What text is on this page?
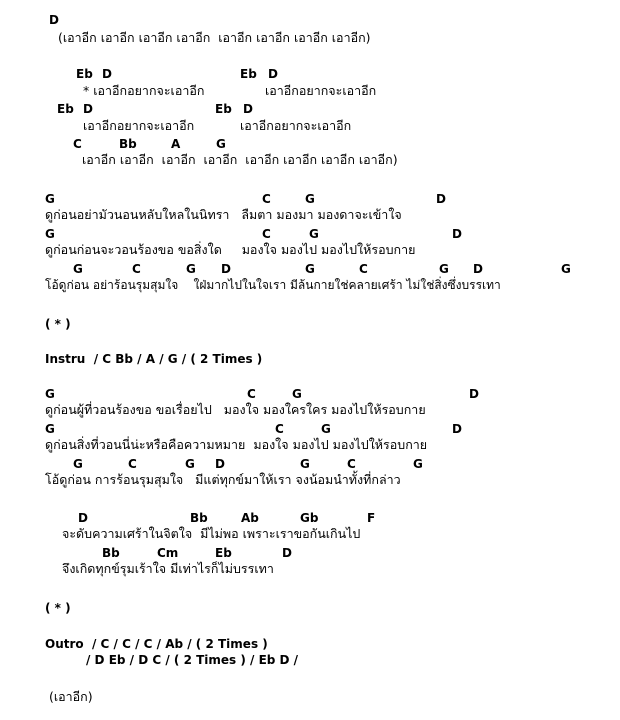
D
(เอาอีก เอาอีก เอาอีก เอาอีก  เอาอีก เอาอีก เอาอีก เอาอีก)
Eb D	Eb D
* เอาอีกอยากจะเอาอีก	เอาอีกอยากจะเอาอีก
Eb D	Eb D
เอาอีกอยากจะเอาอีก	เอาอีกอยากจะเอาอีก
C	Bb	A	G
เอาอีก เอาอีก  เอาอีก  เอาอีก  เอาอีก เอาอีก เอาอีก เอาอีก)
G	C	G	D
ดูก่อนอย่ามัวนอนหลับใหลในนิทรา   ลืมตา มองมา มองดาจะเข้าใจ
G	C	G	D
ดูก่อนก่อนจะวอนร้องขอ ขอสิ่งใด     มองใจ มองไป มองไปให้รอบกาย
G	C	G D	G	C	G D	G
โอ้ดูก่อน อย่าร้อนรุมสุมใจ    ใฝ่มากไปในใจเรา มีล้นกายใช่คลายเศร้า ไม่ใช่สิ่งซึ่งบรรเทา
( * )
Instru  / C Bb / A / G / ( 2 Times )
G	C	G	D
ดูก่อนผู้ที่วอนร้องขอ ขอเรื่อยไป   มองใจ มองใครใคร มองไปให้รอบกาย
G	C	G	D
ดูก่อนสิ่งที่วอนนี่น่ะหรือคือความหมาย  มองใจ มองไป มองไปให้รอบกาย
G	C	G D	G	C	G
โอ้ดูก่อน การร้อนรุมสุมใจ   มีแต่ทุกข์มาให้เรา จงน้อมนำทั้งที่กล่าว
D	Bb	Ab	Gb	F
จะดับความเศร้าในจิตใจ  มีไม่พอ เพราะเราขอกันเกินไป
Bb	Cm	Eb	D
จึงเกิดทุกข์รุมเร้าใจ มีเท่าไรก็ไม่บรรเทา
( * )
Outro  / C / C / C / Ab / ( 2 Times )
/ D Eb / D C / ( 2 Times ) / Eb D /
(เอาอีก)
